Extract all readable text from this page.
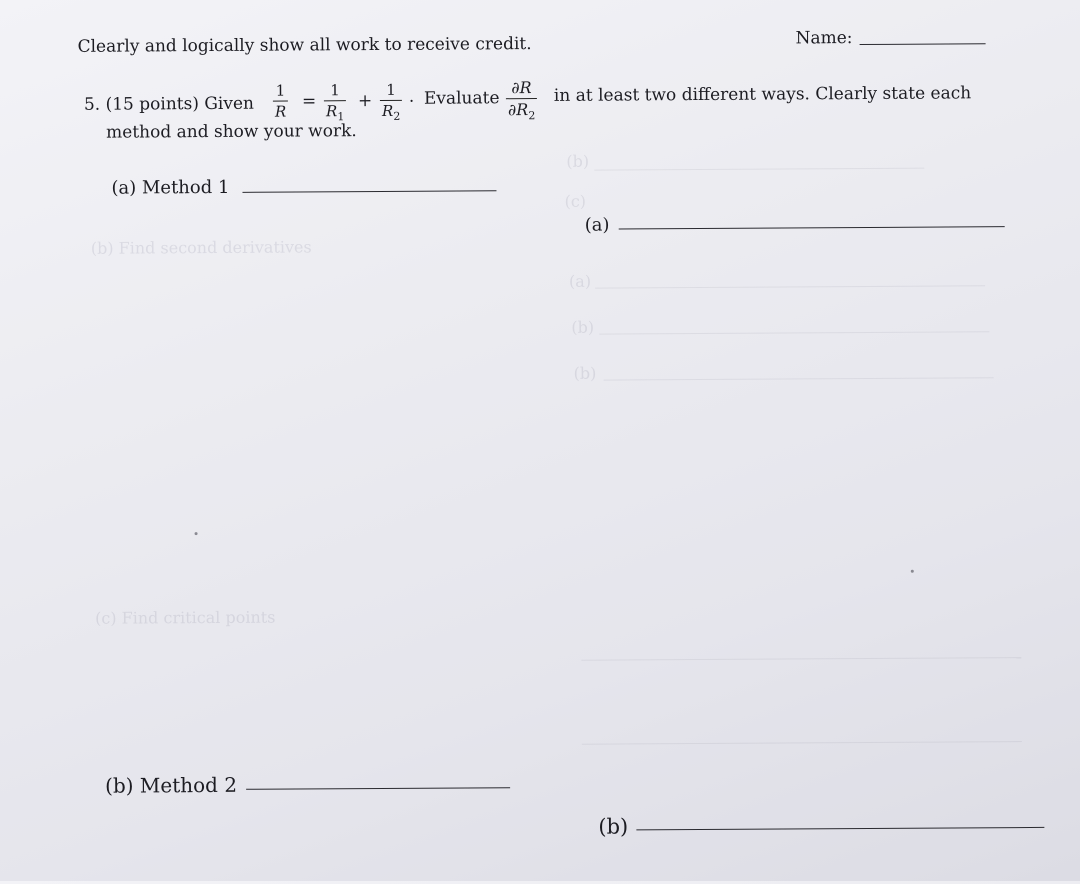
(b) Find second derivatives
(c) Find critical points
(b)
(c)
(a)
(b)
(b)
Clearly and logically show all work to receive credit.	Name:
5. (15 points) Given
1
R
=
1
$R_1$
+
1
$R_2$
. Evaluate
∂R
$\partial R_2$
in at least two different ways. Clearly state each
method and show your work.
(a) Method 1
(b) Method 2
(a)
(b)
